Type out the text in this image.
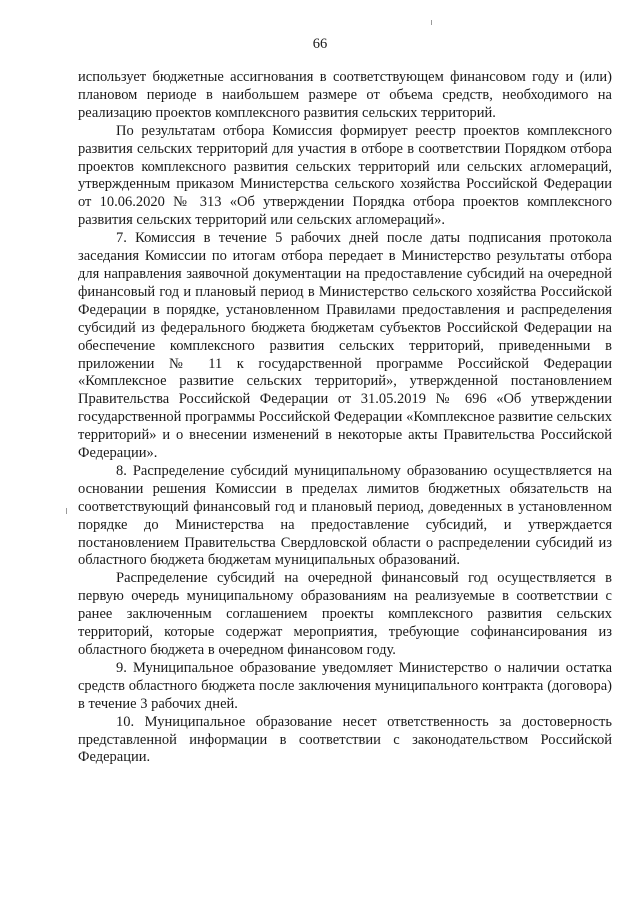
66

использует бюджетные ассигнования в соответствующем финансовом году и (или) плановом периоде в наибольшем размере от объема средств, необходимого на реализацию проектов комплексного развития сельских территорий.

По результатам отбора Комиссия формирует реестр проектов комплексного развития сельских территорий для участия в отборе в соответствии Порядком отбора проектов комплексного развития сельских территорий или сельских агломераций, утвержденным приказом Министерства сельского хозяйства Российской Федерации от 10.06.2020 № 313 «Об утверждении Порядка отбора проектов комплексного развития сельских территорий или сельских агломераций».

7. Комиссия в течение 5 рабочих дней после даты подписания протокола заседания Комиссии по итогам отбора передает в Министерство результаты отбора для направления заявочной документации на предоставление субсидий на очередной финансовый год и плановый период в Министерство сельского хозяйства Российской Федерации в порядке, установленном Правилами предоставления и распределения субсидий из федерального бюджета бюджетам субъектов Российской Федерации на обеспечение комплексного развития сельских территорий, приведенными в приложении № 11 к государственной программе Российской Федерации «Комплексное развитие сельских территорий», утвержденной постановлением Правительства Российской Федерации от 31.05.2019 № 696 «Об утверждении государственной программы Российской Федерации «Комплексное развитие сельских территорий» и о внесении изменений в некоторые акты Правительства Российской Федерации».

8. Распределение субсидий муниципальному образованию осуществляется на основании решения Комиссии в пределах лимитов бюджетных обязательств на соответствующий финансовый год и плановый период, доведенных в установленном порядке до Министерства на предоставление субсидий, и утверждается постановлением Правительства Свердловской области о распределении субсидий из областного бюджета бюджетам муниципальных образований.

Распределение субсидий на очередной финансовый год осуществляется в первую очередь муниципальному образованиям на реализуемые в соответствии с ранее заключенным соглашением проекты комплексного развития сельских территорий, которые содержат мероприятия, требующие софинансирования из областного бюджета в очередном финансовом году.

9. Муниципальное образование уведомляет Министерство о наличии остатка средств областного бюджета после заключения муниципального контракта (договора) в течение 3 рабочих дней.

10. Муниципальное образование несет ответственность за достоверность представленной информации в соответствии с законодательством Российской Федерации.
